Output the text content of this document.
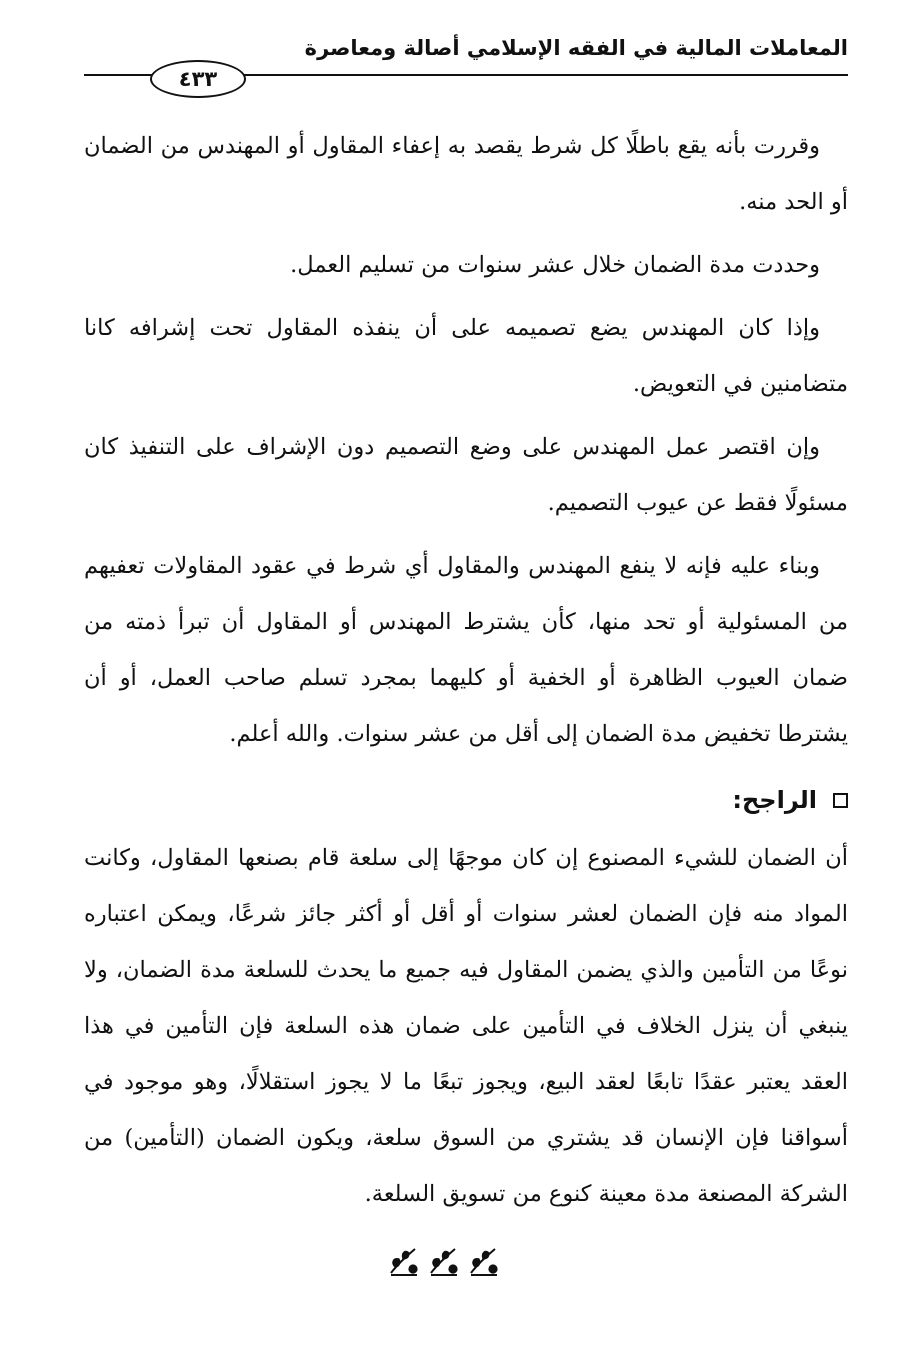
المعاملات المالية في الفقه الإسلامي أصالة ومعاصرة
٤٣٣

وقررت بأنه يقع باطلًا كل شرط يقصد به إعفاء المقاول أو المهندس من الضمان أو الحد منه.

وحددت مدة الضمان خلال عشر سنوات من تسليم العمل.

وإذا كان المهندس يضع تصميمه على أن ينفذه المقاول تحت إشرافه كانا متضامنين في التعويض.

وإن اقتصر عمل المهندس على وضع التصميم دون الإشراف على التنفيذ كان مسئولًا فقط عن عيوب التصميم.

وبناء عليه فإنه لا ينفع المهندس والمقاول أي شرط في عقود المقاولات تعفيهم من المسئولية أو تحد منها، كأن يشترط المهندس أو المقاول أن تبرأ ذمته من ضمان العيوب الظاهرة أو الخفية أو كليهما بمجرد تسلم صاحب العمل، أو أن يشترطا تخفيض مدة الضمان إلى أقل من عشر سنوات. والله أعلم.

الراجح:

أن الضمان للشيء المصنوع إن كان موجهًا إلى سلعة قام بصنعها المقاول، وكانت المواد منه فإن الضمان لعشر سنوات أو أقل أو أكثر جائز شرعًا، ويمكن اعتباره نوعًا من التأمين والذي يضمن المقاول فيه جميع ما يحدث للسلعة مدة الضمان، ولا ينبغي أن ينزل الخلاف في التأمين على ضمان هذه السلعة فإن التأمين في هذا العقد يعتبر عقدًا تابعًا لعقد البيع، ويجوز تبعًا ما لا يجوز استقلالًا، وهو موجود في أسواقنا فإن الإنسان قد يشتري من السوق سلعة، ويكون الضمان (التأمين) من الشركة المصنعة مدة معينة كنوع من تسويق السلعة.
